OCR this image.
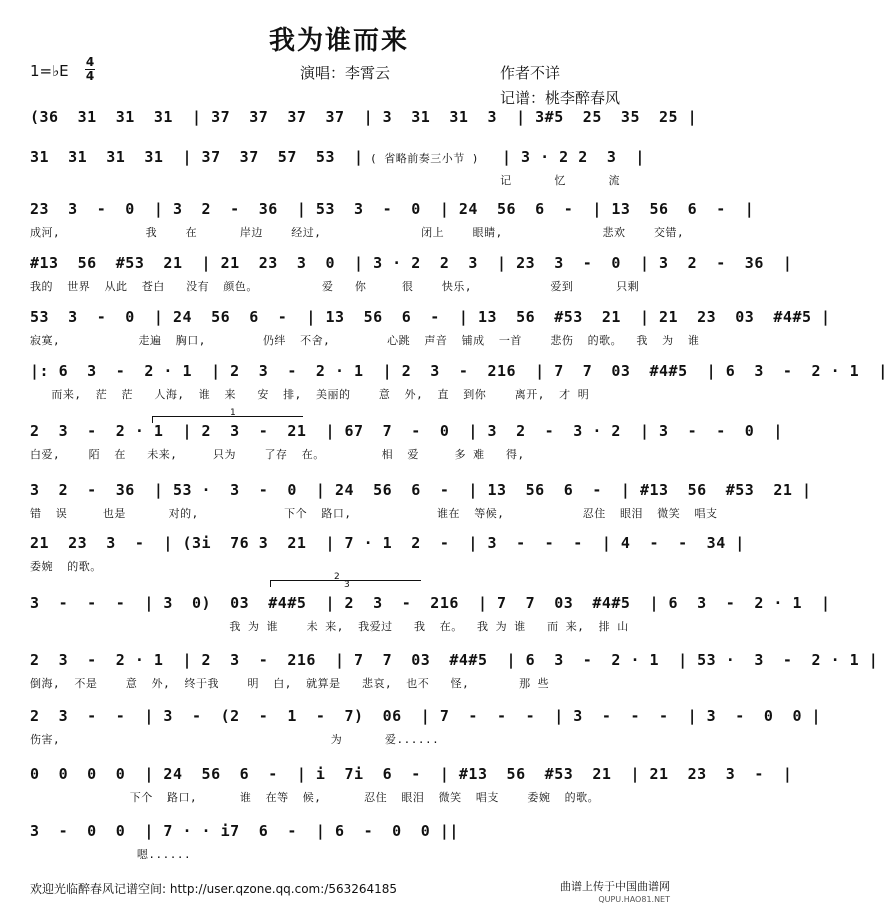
我为谁而来
1=♭E 4
4	演唱：李霄云	作者不详
记谱：桃李醉春风
(36  31  31  31  | 37  37  37  37  | 3  31  31  3  | 3#5  25  35  25 |
31  31  31  31  | 37  37  57  53  | ( 省略前奏三小节 ) | 3 · 2 2  3  |
记      忆      流
23  3  -  0  | 3  2  -  36  | 53  3  -  0  | 24  56  6  -  | 13  56  6  -  |
成河,            我    在      岸边    经过,              闭上    眼睛,              悲欢    交错,
#13  56  #53  21  | 21  23  3  0  | 3 · 2  2  3  | 23  3  -  0  | 3  2  -  36  |
我的  世界  从此  苍白   没有  颜色。         爱   你     很    快乐,           爱到      只剩
53  3  -  0  | 24  56  6  -  | 13  56  6  -  | 13  56  #53  21  | 21  23  03  #4#5 |
寂寞,           走遍  胸口,        仍绊  不舍,        心跳  声音  铺成  一首    悲伤  的歌。  我  为  谁
|: 6  3  -  2 · 1  | 2  3  -  2 · 1  | 2  3  -  216  | 7  7  03  #4#5  | 6  3  -  2 · 1  |
而来,  茫  茫   人海,  谁  来   安  排,  美丽的    意  外,  直  到你    离开,  才 明
2  3  -  2 · 1  | 2  3  -  21  | 67  7  -  0  | 3  2  -  3 · 2  | 3  -  -  0  |
白爱,    陌  在   未来,     只为    了存  在。        相  爱     多 难   得,
3  2  -  36  | 53 ·  3  -  0  | 24  56  6  -  | 13  56  6  -  | #13  56  #53  21 |
错  误     也是      对的,            下个  路口,            谁在  等候,           忍住  眼泪  微笑  唱支
21  23  3  -  | (3i  76 3  21  | 7 · 1  2  -  | 3  -  -  -  | 4  -  -  34 |
委婉  的歌。
3  -  -  -  | 3  0)  03  #4#5  | 2  3  -  216  | 7  7  03  #4#5  | 6  3  -  2 · 1  |
我 为 谁    未 来,  我爱过   我  在。  我 为 谁   而 来,  排 山
2  3  -  2 · 1  | 2  3  -  216  | 7  7  03  #4#5  | 6  3  -  2 · 1  | 53 ·  3  -  2 · 1 |
倒海,  不是    意  外,  终于我    明  白,  就算是   悲哀,  也不   怪,       那 些
2  3  -  -  | 3  -  (2  -  1  -  7)  06  | 7  -  -  -  | 3  -  -  -  | 3  -  0  0 |
伤害,                                      为      爱......
0  0  0  0  | 24  56  6  -  | i  7i  6  -  | #13  56  #53  21  | 21  23  3  -  |
下个  路口,      谁  在等  候,      忍住  眼泪  微笑  唱支    委婉  的歌。
3  -  0  0  | 7 · · i7  6  -  | 6  -  0  0 ||
嗯......
1
2
3
欢迎光临醉春风记谱空间: http://user.qzone.qq.com:/563264185	曲谱上传于中国曲谱网
QUPU.HAO81.NET
